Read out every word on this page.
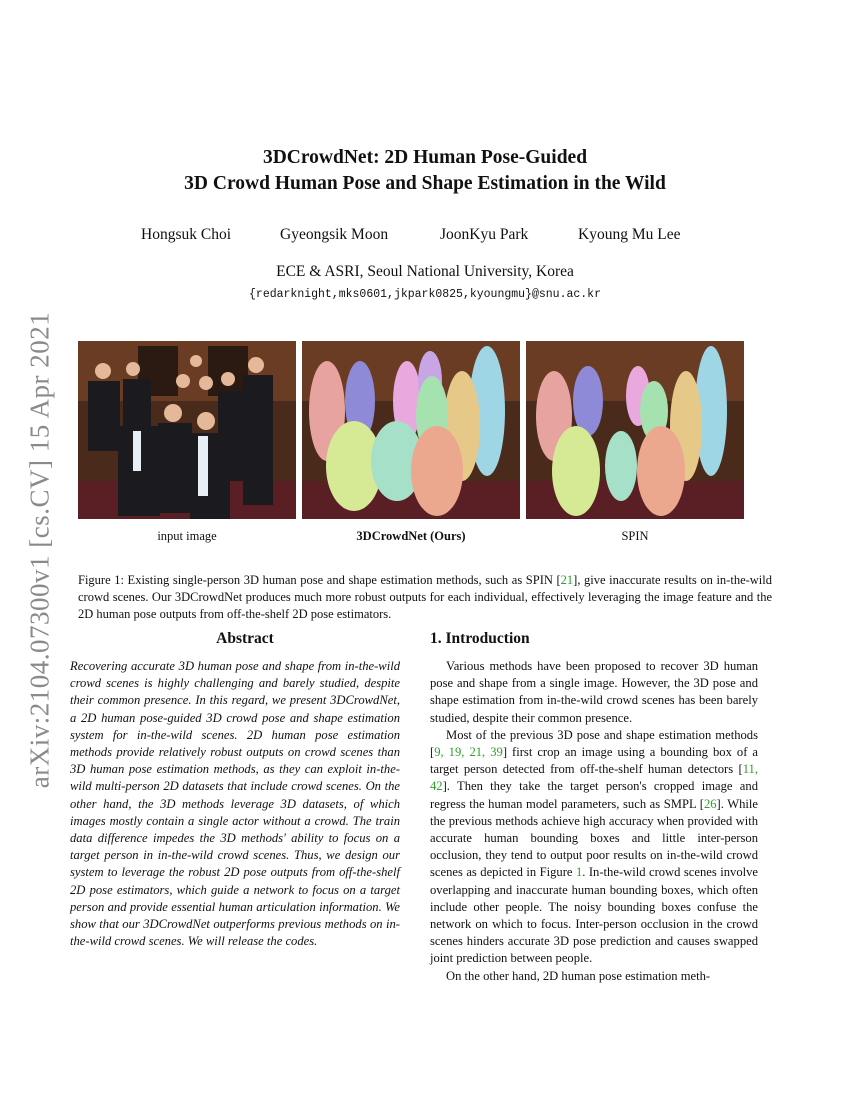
arXiv:2104.07300v1 [cs.CV] 15 Apr 2021
3DCrowdNet: 2D Human Pose-Guided
3D Crowd Human Pose and Shape Estimation in the Wild
Hongsuk Choi	Gyeongsik Moon	JoonKyu Park	Kyoung Mu Lee
ECE & ASRI, Seoul National University, Korea
{redarknight,mks0601,jkpark0825,kyoungmu}@snu.ac.kr
input image	3DCrowdNet (Ours)	SPIN
Figure 1: Existing single-person 3D human pose and shape estimation methods, such as SPIN [21], give inaccurate results on in-the-wild crowd scenes. Our 3DCrowdNet produces much more robust outputs for each individual, effectively leveraging the image feature and the 2D human pose outputs from off-the-shelf 2D pose estimators.
Abstract
Recovering accurate 3D human pose and shape from in-the-wild crowd scenes is highly challenging and barely studied, despite their common presence. In this regard, we present 3DCrowdNet, a 2D human pose-guided 3D crowd pose and shape estimation system for in-the-wild scenes. 2D human pose estimation methods provide relatively robust outputs on crowd scenes than 3D human pose estimation methods, as they can exploit in-the-wild multi-person 2D datasets that include crowd scenes. On the other hand, the 3D methods leverage 3D datasets, of which images mostly contain a single actor without a crowd. The train data difference impedes the 3D methods' ability to focus on a target person in in-the-wild crowd scenes. Thus, we design our system to leverage the robust 2D pose outputs from off-the-shelf 2D pose estimators, which guide a network to focus on a target person and provide essential human articulation information. We show that our 3DCrowdNet outperforms previous methods on in-the-wild crowd scenes. We will release the codes.
1. Introduction

Various methods have been proposed to recover 3D human pose and shape from a single image. However, the 3D pose and shape estimation from in-the-wild crowd scenes has been barely studied, despite their common presence.

Most of the previous 3D pose and shape estimation methods [9, 19, 21, 39] first crop an image using a bounding box of a target person detected from off-the-shelf human detectors [11, 42]. Then they take the target person's cropped image and regress the human model parameters, such as SMPL [26]. While the previous methods achieve high accuracy when provided with accurate human bounding boxes and little inter-person occlusion, they tend to output poor results on in-the-wild crowd scenes as depicted in Figure 1. In-the-wild crowd scenes involve overlapping and inaccurate human bounding boxes, which often include other people. The noisy bounding boxes confuse the network on which to focus. Inter-person occlusion in the crowd scenes hinders accurate 3D pose prediction and causes swapped joint prediction between people.

On the other hand, 2D human pose estimation meth-
